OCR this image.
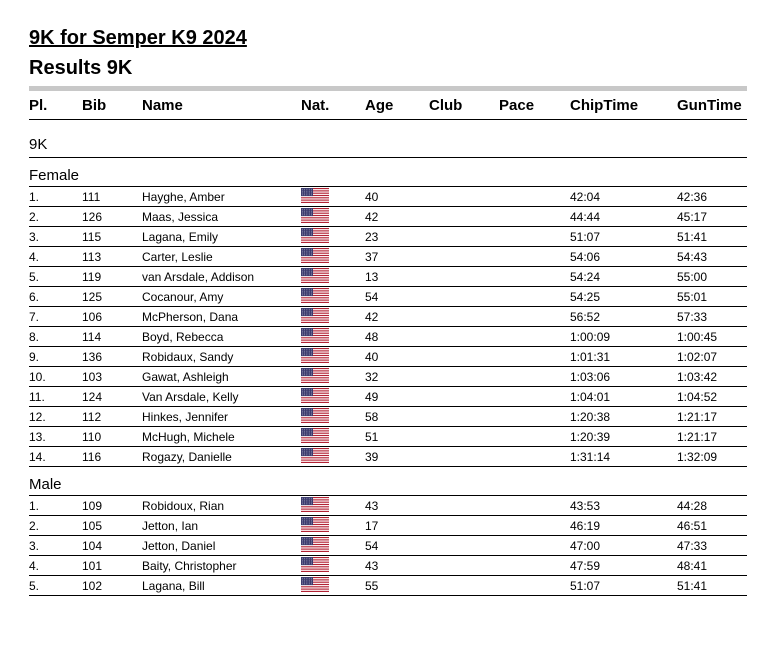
9K for Semper K9 2024
Results 9K
Pl.	Bib	Name	Nat.	Age	Club	Pace	ChipTime	GunTime
9K								
Female								
1.	111	Hayghe, Amber		40			42:04	42:36
2.	126	Maas, Jessica		42			44:44	45:17
3.	115	Lagana, Emily		23			51:07	51:41
4.	113	Carter, Leslie		37			54:06	54:43
5.	119	van Arsdale, Addison		13			54:24	55:00
6.	125	Cocanour, Amy		54			54:25	55:01
7.	106	McPherson, Dana		42			56:52	57:33
8.	114	Boyd, Rebecca		48			1:00:09	1:00:45
9.	136	Robidaux, Sandy		40			1:01:31	1:02:07
10.	103	Gawat, Ashleigh		32			1:03:06	1:03:42
11.	124	Van Arsdale, Kelly		49			1:04:01	1:04:52
12.	112	Hinkes, Jennifer		58			1:20:38	1:21:17
13.	110	McHugh, Michele		51			1:20:39	1:21:17
14.	116	Rogazy, Danielle		39			1:31:14	1:32:09
Male								
1.	109	Robidoux, Rian		43			43:53	44:28
2.	105	Jetton, Ian		17			46:19	46:51
3.	104	Jetton, Daniel		54			47:00	47:33
4.	101	Baity, Christopher		43			47:59	48:41
5.	102	Lagana, Bill		55			51:07	51:41
